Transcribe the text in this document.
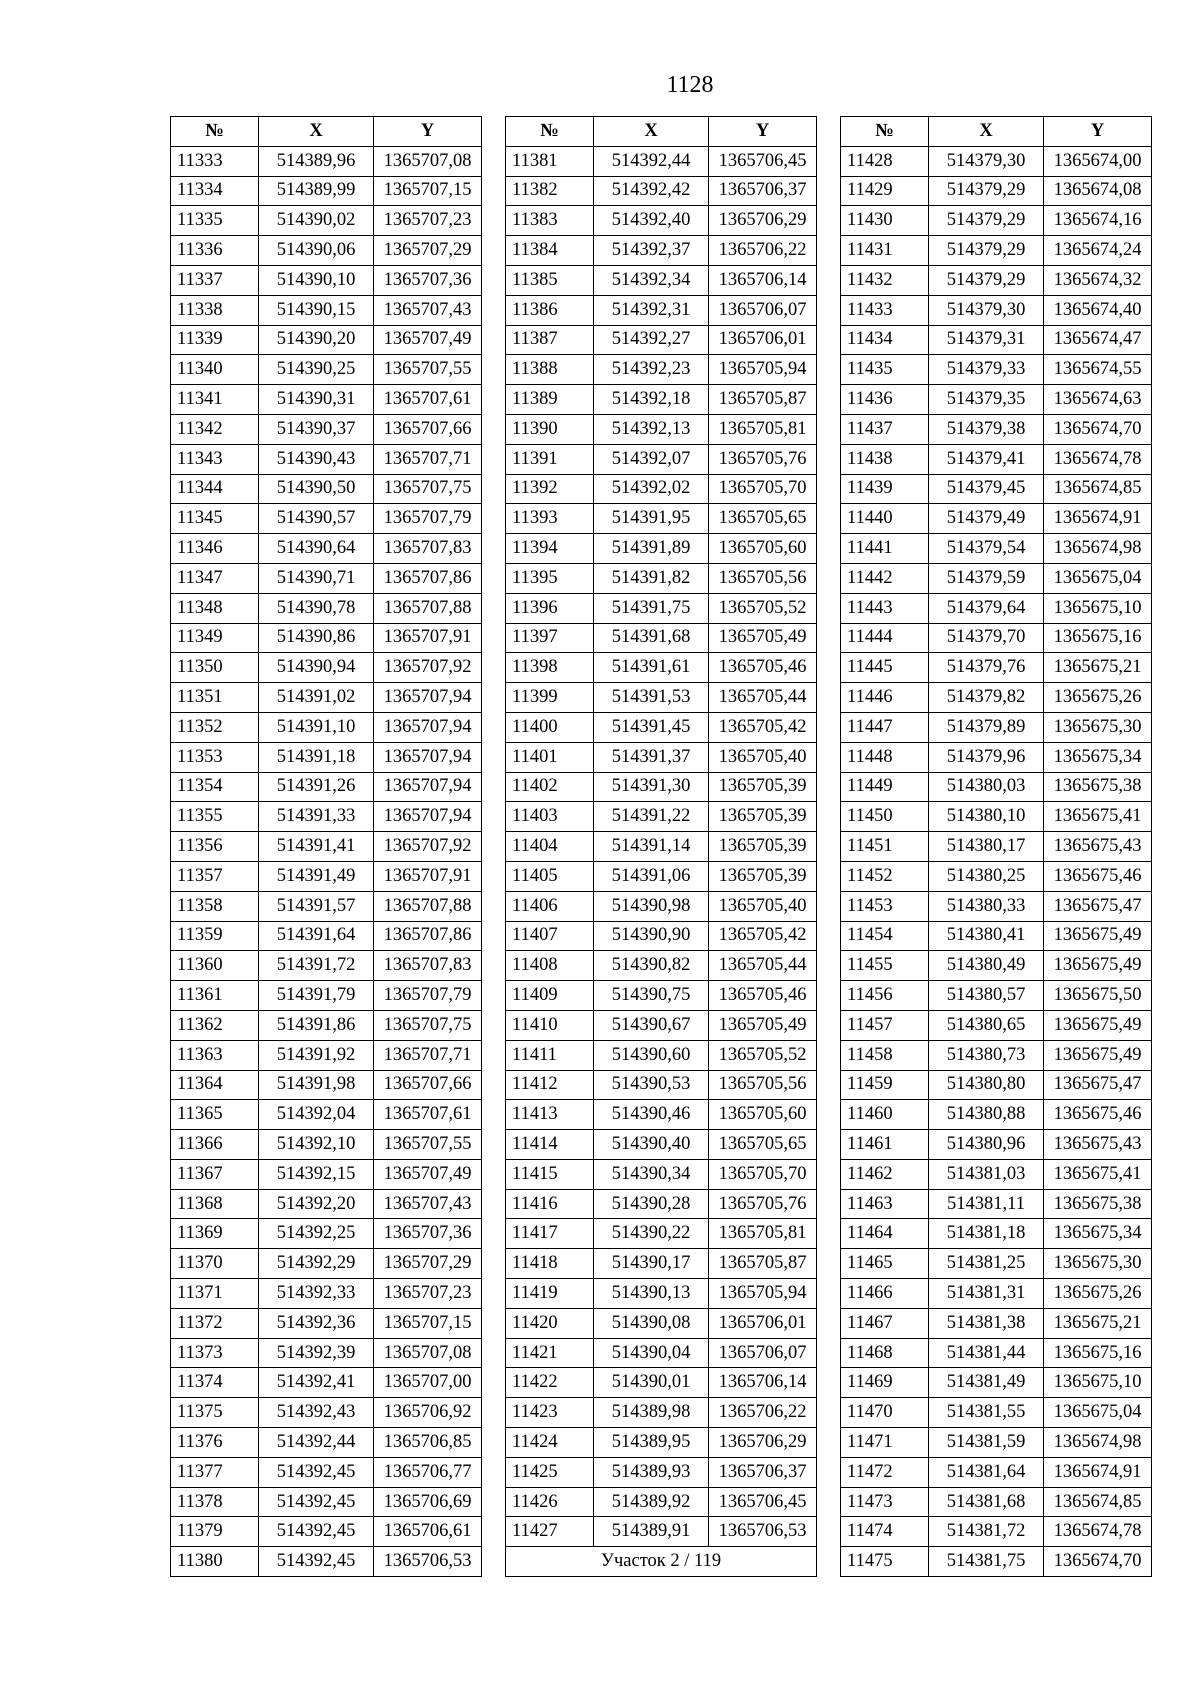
1128
№	X	Y
11333	514389,96	1365707,08
11334	514389,99	1365707,15
11335	514390,02	1365707,23
11336	514390,06	1365707,29
11337	514390,10	1365707,36
11338	514390,15	1365707,43
11339	514390,20	1365707,49
11340	514390,25	1365707,55
11341	514390,31	1365707,61
11342	514390,37	1365707,66
11343	514390,43	1365707,71
11344	514390,50	1365707,75
11345	514390,57	1365707,79
11346	514390,64	1365707,83
11347	514390,71	1365707,86
11348	514390,78	1365707,88
11349	514390,86	1365707,91
11350	514390,94	1365707,92
11351	514391,02	1365707,94
11352	514391,10	1365707,94
11353	514391,18	1365707,94
11354	514391,26	1365707,94
11355	514391,33	1365707,94
11356	514391,41	1365707,92
11357	514391,49	1365707,91
11358	514391,57	1365707,88
11359	514391,64	1365707,86
11360	514391,72	1365707,83
11361	514391,79	1365707,79
11362	514391,86	1365707,75
11363	514391,92	1365707,71
11364	514391,98	1365707,66
11365	514392,04	1365707,61
11366	514392,10	1365707,55
11367	514392,15	1365707,49
11368	514392,20	1365707,43
11369	514392,25	1365707,36
11370	514392,29	1365707,29
11371	514392,33	1365707,23
11372	514392,36	1365707,15
11373	514392,39	1365707,08
11374	514392,41	1365707,00
11375	514392,43	1365706,92
11376	514392,44	1365706,85
11377	514392,45	1365706,77
11378	514392,45	1365706,69
11379	514392,45	1365706,61
11380	514392,45	1365706,53
№	X	Y
11381	514392,44	1365706,45
11382	514392,42	1365706,37
11383	514392,40	1365706,29
11384	514392,37	1365706,22
11385	514392,34	1365706,14
11386	514392,31	1365706,07
11387	514392,27	1365706,01
11388	514392,23	1365705,94
11389	514392,18	1365705,87
11390	514392,13	1365705,81
11391	514392,07	1365705,76
11392	514392,02	1365705,70
11393	514391,95	1365705,65
11394	514391,89	1365705,60
11395	514391,82	1365705,56
11396	514391,75	1365705,52
11397	514391,68	1365705,49
11398	514391,61	1365705,46
11399	514391,53	1365705,44
11400	514391,45	1365705,42
11401	514391,37	1365705,40
11402	514391,30	1365705,39
11403	514391,22	1365705,39
11404	514391,14	1365705,39
11405	514391,06	1365705,39
11406	514390,98	1365705,40
11407	514390,90	1365705,42
11408	514390,82	1365705,44
11409	514390,75	1365705,46
11410	514390,67	1365705,49
11411	514390,60	1365705,52
11412	514390,53	1365705,56
11413	514390,46	1365705,60
11414	514390,40	1365705,65
11415	514390,34	1365705,70
11416	514390,28	1365705,76
11417	514390,22	1365705,81
11418	514390,17	1365705,87
11419	514390,13	1365705,94
11420	514390,08	1365706,01
11421	514390,04	1365706,07
11422	514390,01	1365706,14
11423	514389,98	1365706,22
11424	514389,95	1365706,29
11425	514389,93	1365706,37
11426	514389,92	1365706,45
11427	514389,91	1365706,53
Участок 2 / 119		
№	X	Y
11428	514379,30	1365674,00
11429	514379,29	1365674,08
11430	514379,29	1365674,16
11431	514379,29	1365674,24
11432	514379,29	1365674,32
11433	514379,30	1365674,40
11434	514379,31	1365674,47
11435	514379,33	1365674,55
11436	514379,35	1365674,63
11437	514379,38	1365674,70
11438	514379,41	1365674,78
11439	514379,45	1365674,85
11440	514379,49	1365674,91
11441	514379,54	1365674,98
11442	514379,59	1365675,04
11443	514379,64	1365675,10
11444	514379,70	1365675,16
11445	514379,76	1365675,21
11446	514379,82	1365675,26
11447	514379,89	1365675,30
11448	514379,96	1365675,34
11449	514380,03	1365675,38
11450	514380,10	1365675,41
11451	514380,17	1365675,43
11452	514380,25	1365675,46
11453	514380,33	1365675,47
11454	514380,41	1365675,49
11455	514380,49	1365675,49
11456	514380,57	1365675,50
11457	514380,65	1365675,49
11458	514380,73	1365675,49
11459	514380,80	1365675,47
11460	514380,88	1365675,46
11461	514380,96	1365675,43
11462	514381,03	1365675,41
11463	514381,11	1365675,38
11464	514381,18	1365675,34
11465	514381,25	1365675,30
11466	514381,31	1365675,26
11467	514381,38	1365675,21
11468	514381,44	1365675,16
11469	514381,49	1365675,10
11470	514381,55	1365675,04
11471	514381,59	1365674,98
11472	514381,64	1365674,91
11473	514381,68	1365674,85
11474	514381,72	1365674,78
11475	514381,75	1365674,70
